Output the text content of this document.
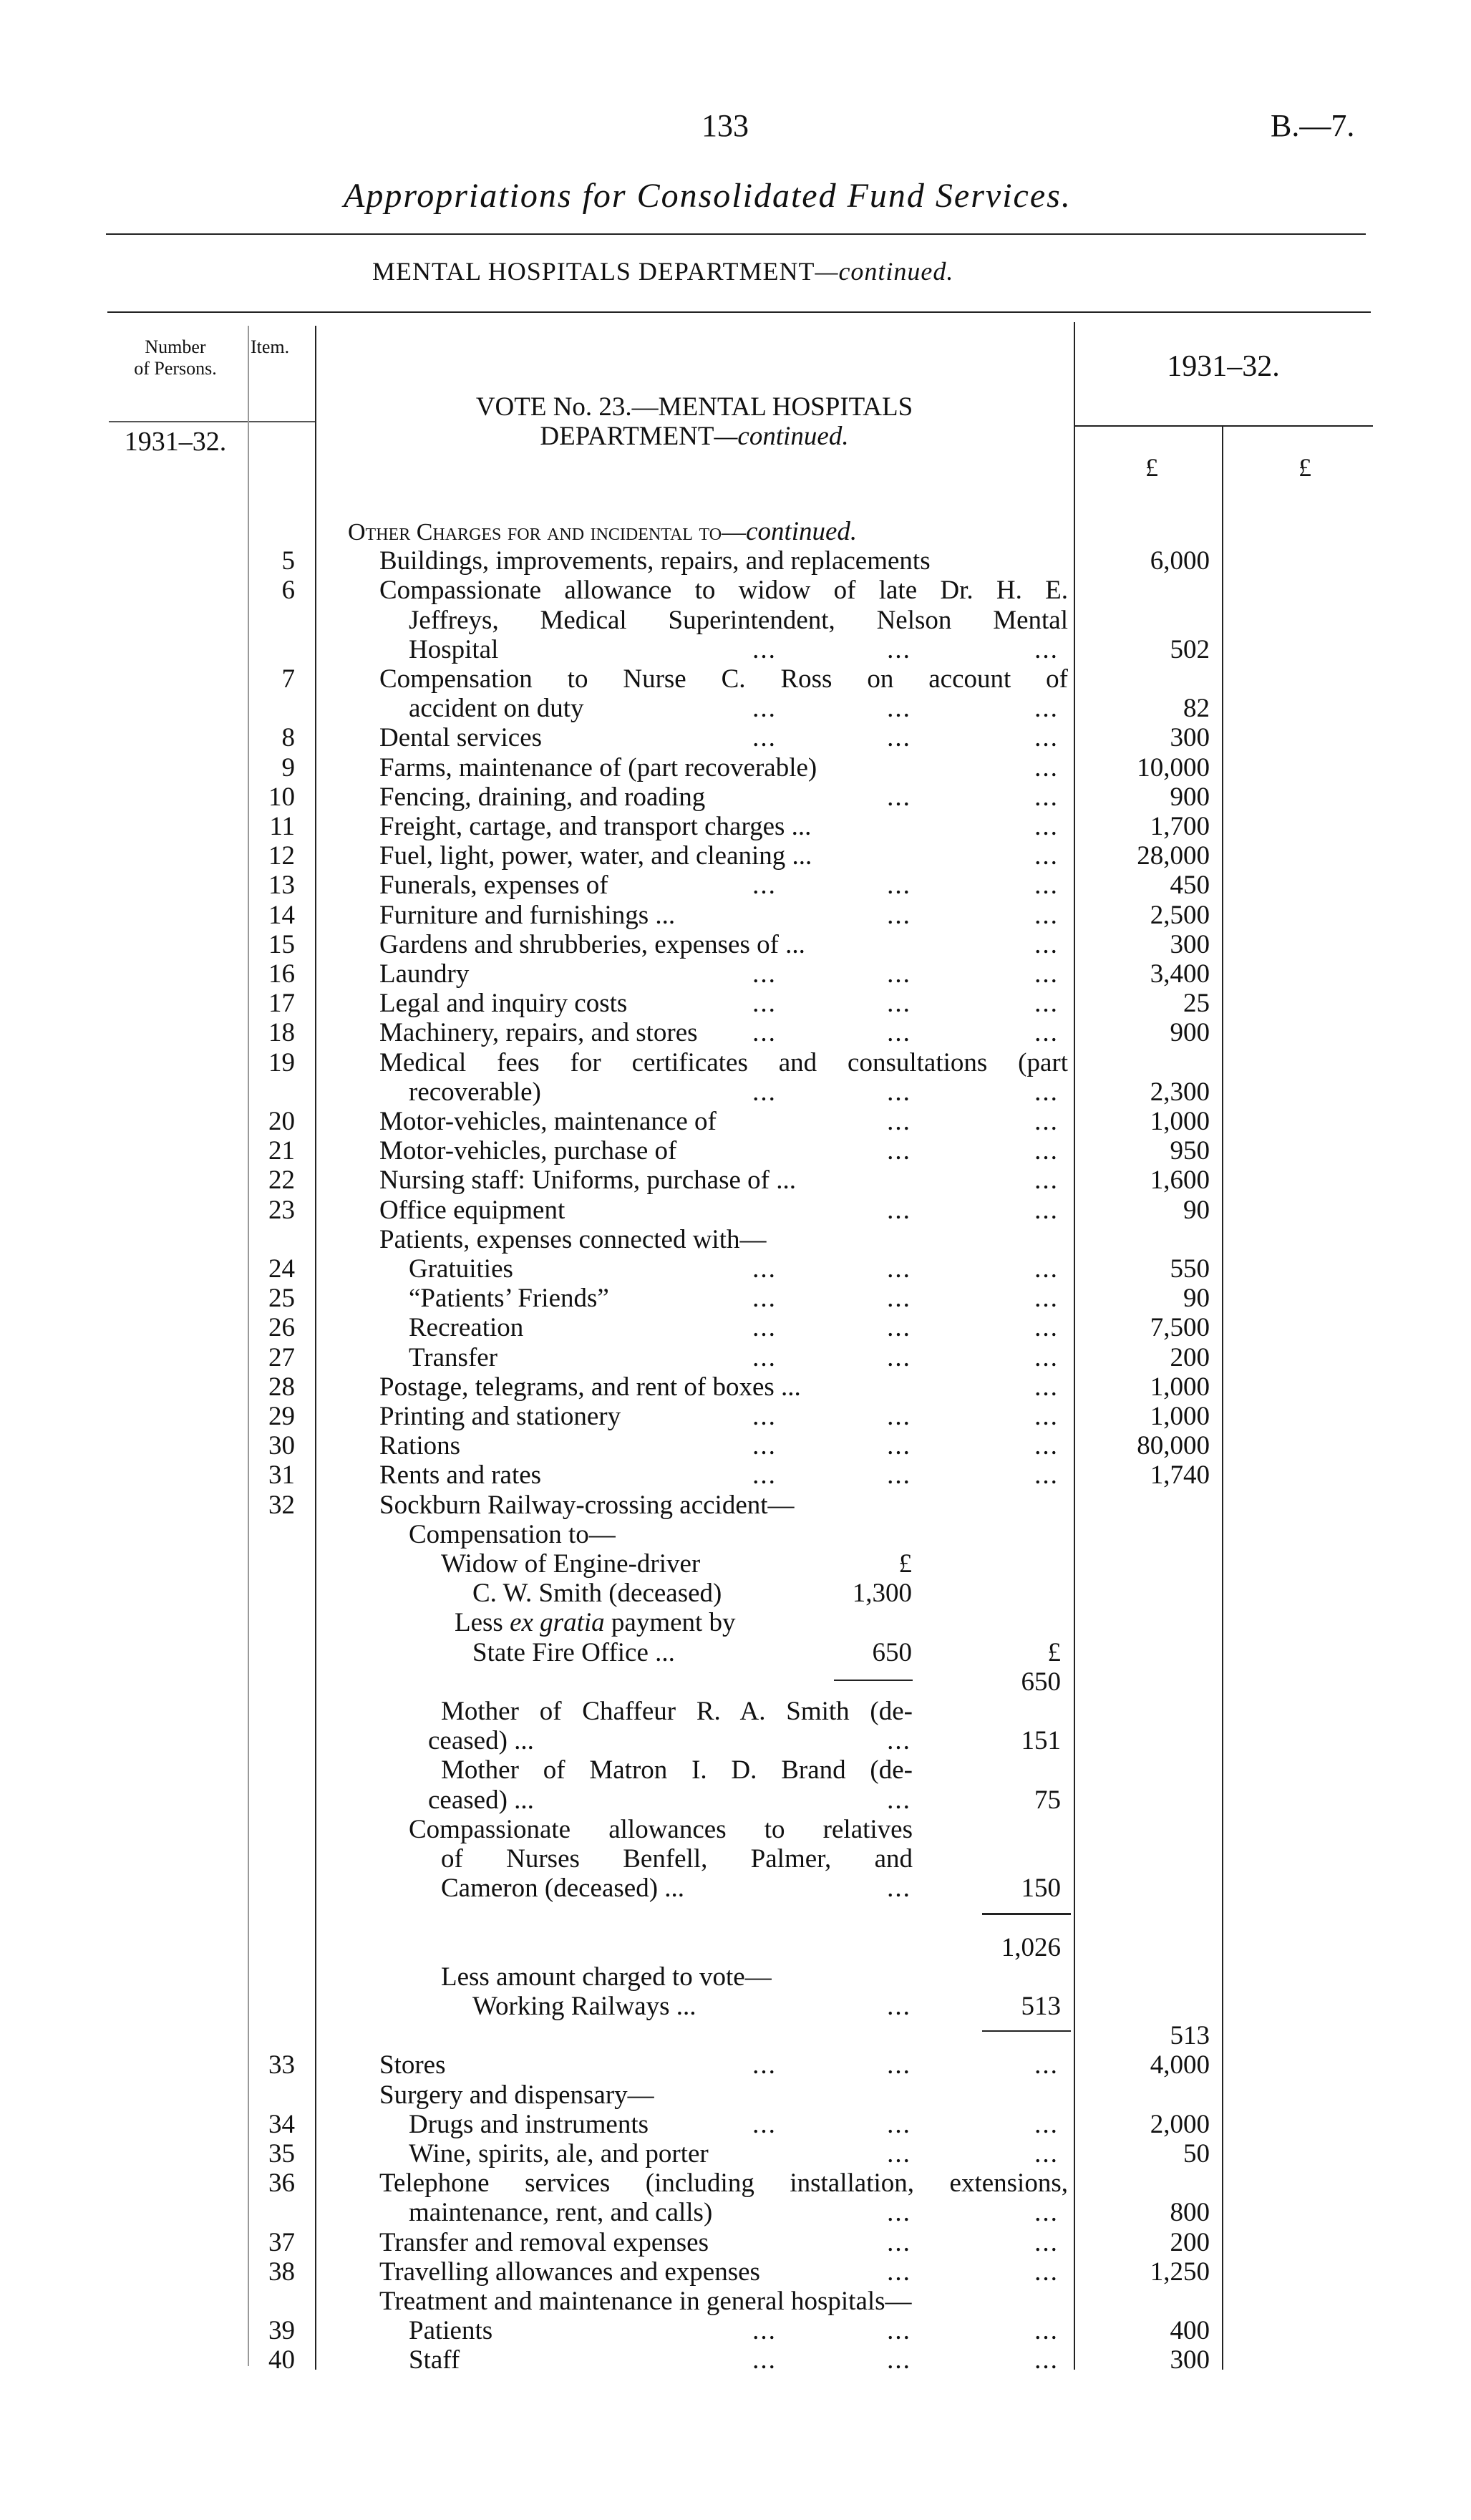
133	B.—7.
Appropriations for Consolidated Fund Services.
MENTAL HOSPITALS DEPARTMENT—continued.
Number
of Persons.
Item.
1931–32.
1931–32.
VOTE No. 23.—MENTAL HOSPITALS
DEPARTMENT—continued.
£	£
Other Charges for and incidental to—continued.
5	Buildings, improvements, repairs, and replacements	6,000
6	Compassionate allowance to widow of late Dr. H. E.
Jeffreys, Medical Superintendent, Nelson Mental
Hospital	...	...	...	502
7	Compensation to Nurse C. Ross on account of
accident on duty	...	...	...	82
8	Dental services	...	...	...	300
9	Farms, maintenance of (part recoverable)	...	10,000
10	Fencing, draining, and roading	...	...	900
11	Freight, cartage, and transport charges ...	...	1,700
12	Fuel, light, power, water, and cleaning ...	...	28,000
13	Funerals, expenses of	...	...	...	450
14	Furniture and furnishings ...	...	...	2,500
15	Gardens and shrubberies, expenses of ...	...	300
16	Laundry	...	...	...	3,400
17	Legal and inquiry costs	...	...	...	25
18	Machinery, repairs, and stores	...	...	...	900
19	Medical fees for certificates and consultations (part
recoverable)	...	...	...	2,300
20	Motor-vehicles, maintenance of	...	...	1,000
21	Motor-vehicles, purchase of	...	...	950
22	Nursing staff: Uniforms, purchase of ...	...	1,600
23	Office equipment	...	...	90
Patients, expenses connected with—
24	Gratuities	...	...	...	550
25	“Patients’ Friends”	...	...	...	90
26	Recreation	...	...	...	7,500
27	Transfer	...	...	...	200
28	Postage, telegrams, and rent of boxes ...	...	1,000
29	Printing and stationery	...	...	...	1,000
30	Rations	...	...	...	80,000
31	Rents and rates	...	...	...	1,740
32	Sockburn Railway-crossing accident—
Compensation to—
Widow of Engine-driver	£
C. W. Smith (deceased)	1,300
Less ex gratia payment by
State Fire Office ...	650	£
650
Mother of Chaffeur R. A. Smith (de-
ceased) ...	...	151
Mother of Matron I. D. Brand (de-
ceased) ...	...	75
Compassionate allowances to relatives
of Nurses Benfell, Palmer, and
Cameron (deceased) ...	...	150
1,026
Less amount charged to vote—
Working Railways ...	...	513
513
33	Stores	...	...	...	4,000
Surgery and dispensary—
34	Drugs and instruments	...	...	...	2,000
35	Wine, spirits, ale, and porter	...	...	50
36	Telephone services (including installation, extensions,
maintenance, rent, and calls)	...	...	800
37	Transfer and removal expenses	...	...	200
38	Travelling allowances and expenses	...	...	1,250
Treatment and maintenance in general hospitals—
39	Patients	...	...	...	400
40	Staff	...	...	...	300
